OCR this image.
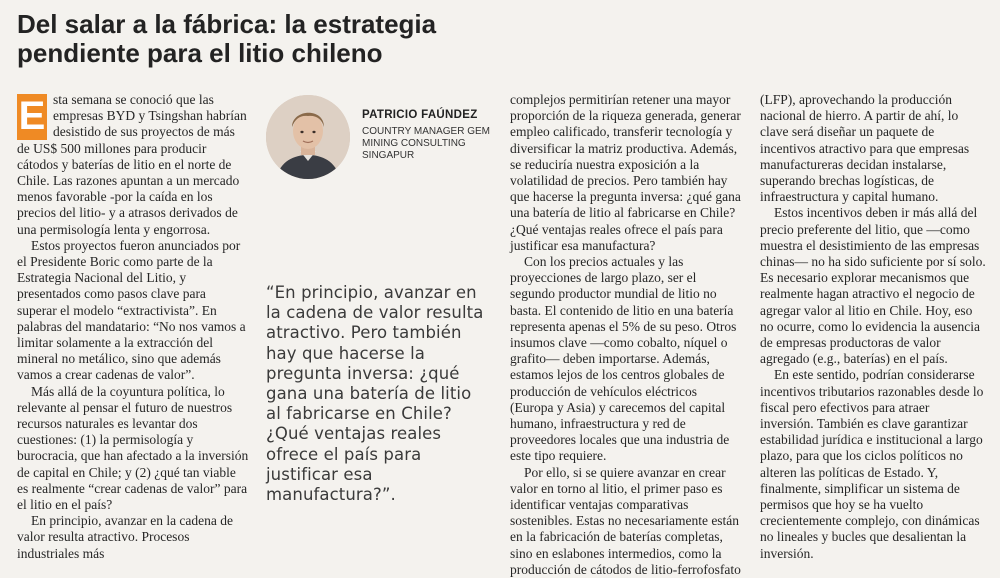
Del salar a la fábrica: la estrategia pendiente para el litio chileno

E sta semana se conoció que las empresas BYD y Tsingshan habrían desistido de sus proyectos de más de US$ 500 millones para producir cátodos y baterías de litio en el norte de Chile. Las razones apuntan a un mercado menos favorable -por la caída en los precios del litio- y a atrasos derivados de una permisología lenta y engorrosa.

Estos proyectos fueron anunciados por el Presidente Boric como parte de la Estrategia Nacional del Litio, y presentados como pasos clave para superar el modelo “extractivista”. En palabras del mandatario: “No nos vamos a limitar solamente a la extracción del mineral no metálico, sino que además vamos a crear cadenas de valor”.

Más allá de la coyuntura política, lo relevante al pensar el futuro de nuestros recursos naturales es levantar dos cuestiones: (1) la permisología y burocracia, que han afectado a la inversión de capital en Chile; y (2) ¿qué tan viable es realmente “crear cadenas de valor” para el litio en el país?

En principio, avanzar en la cadena de valor resulta atractivo. Procesos industriales más

PATRICIO FAÚNDEZ
COUNTRY MANAGER GEM MINING CONSULTING SINGAPUR
“En principio, avanzar en la cadena de valor resulta atractivo. Pero también hay que hacerse la pregunta inversa: ¿qué gana una batería de litio al fabricarse en Chile? ¿Qué ventajas reales ofrece el país para justificar esa manufactura?”.

complejos permitirían retener una mayor proporción de la riqueza generada, generar empleo calificado, transferir tecnología y diversificar la matriz productiva. Además, se reduciría nuestra exposición a la volatilidad de precios. Pero también hay que hacerse la pregunta inversa: ¿qué gana una batería de litio al fabricarse en Chile? ¿Qué ventajas reales ofrece el país para justificar esa manufactura?

Con los precios actuales y las proyecciones de largo plazo, ser el segundo productor mundial de litio no basta. El contenido de litio en una batería representa apenas el 5% de su peso. Otros insumos clave —como cobalto, níquel o grafito— deben importarse. Además, estamos lejos de los centros globales de producción de vehículos eléctricos (Europa y Asia) y carecemos del capital humano, infraestructura y red de proveedores locales que una industria de este tipo requiere.

Por ello, si se quiere avanzar en crear valor en torno al litio, el primer paso es identificar ventajas comparativas sostenibles. Estas no necesariamente están en la fabricación de baterías completas, sino en eslabones intermedios, como la producción de cátodos de litio-ferrofosfato

(LFP), aprovechando la producción nacional de hierro. A partir de ahí, lo clave será diseñar un paquete de incentivos atractivo para que empresas manufactureras decidan instalarse, superando brechas logísticas, de infraestructura y capital humano.

Estos incentivos deben ir más allá del precio preferente del litio, que —como muestra el desistimiento de las empresas chinas— no ha sido suficiente por sí solo. Es necesario explorar mecanismos que realmente hagan atractivo el negocio de agregar valor al litio en Chile. Hoy, eso no ocurre, como lo evidencia la ausencia de empresas productoras de valor agregado (e.g., baterías) en el país.

En este sentido, podrían considerarse incentivos tributarios razonables desde lo fiscal pero efectivos para atraer inversión. También es clave garantizar estabilidad jurídica e institucional a largo plazo, para que los ciclos políticos no alteren las políticas de Estado. Y, finalmente, simplificar un sistema de permisos que hoy se ha vuelto crecientemente complejo, con dinámicas no lineales y bucles que desalientan la inversión.
